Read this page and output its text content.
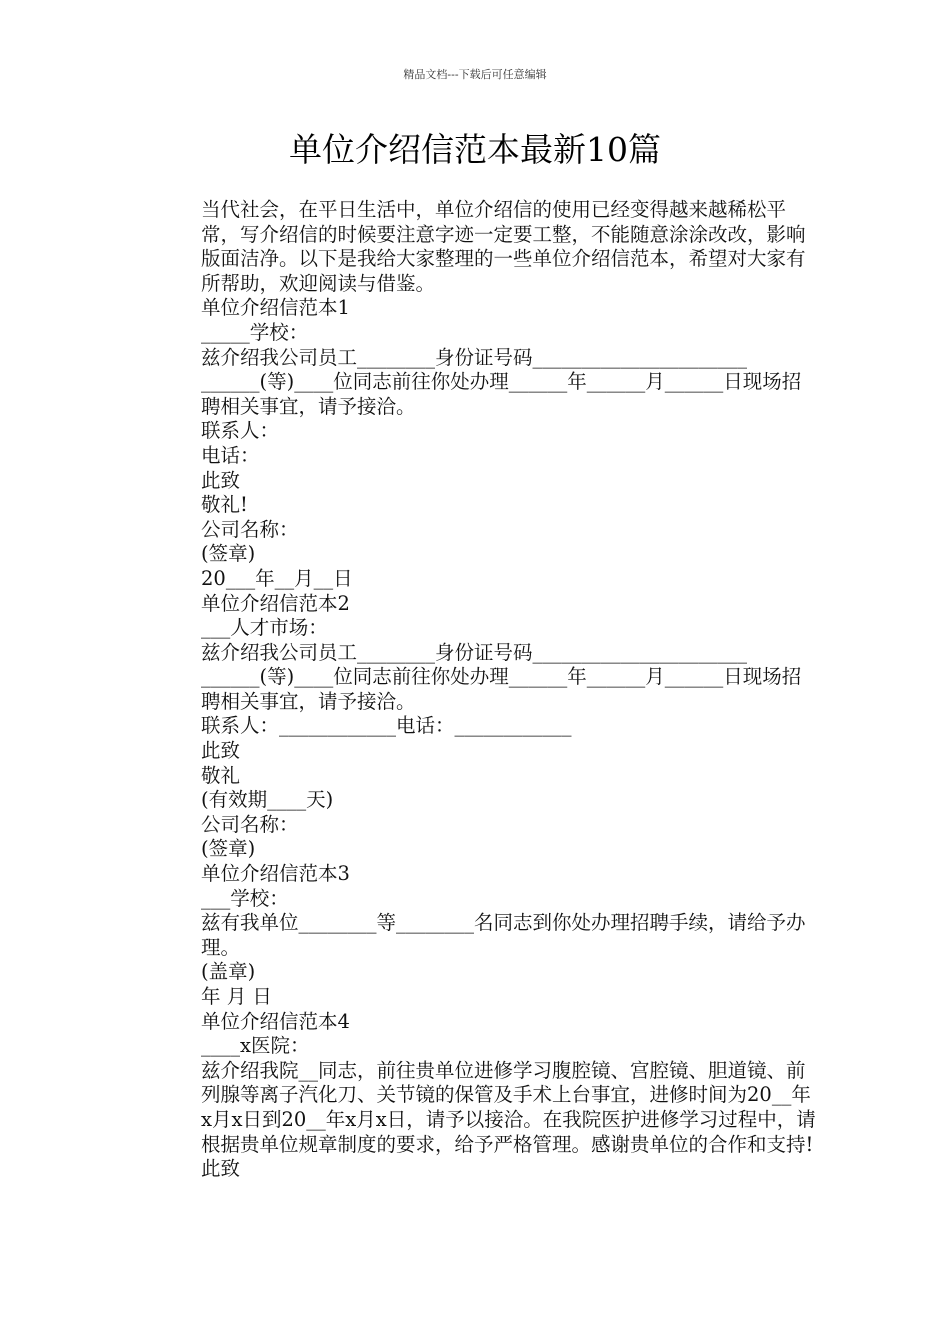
精品文档---下载后可任意编辑
单位介绍信范本最新10篇

当代社会，在平日生活中，单位介绍信的使用已经变得越来越稀松平常，写介绍信的时候要注意字迹一定要工整，不能随意涂涂改改，影响版面洁净。以下是我给大家整理的一些单位介绍信范本，希望对大家有所帮助，欢迎阅读与借鉴。

单位介绍信范本1

_____学校：

兹介绍我公司员工________身份证号码______________________ ______(等)____位同志前往你处办理______年______月______日现场招聘相关事宜，请予接洽。

联系人：

电话：

此致

敬礼!

公司名称：

(签章)

20___年__月__日

单位介绍信范本2

___人才市场：

兹介绍我公司员工________身份证号码______________________ ______(等)____位同志前往你处办理______年______月______日现场招聘相关事宜，请予接洽。

联系人：____________电话：____________

此致

敬礼

(有效期____天)

公司名称：

(签章)

单位介绍信范本3

___学校：

兹有我单位________等________名同志到你处办理招聘手续，请给予办理。

(盖章)

年 月 日

单位介绍信范本4

____x医院：

兹介绍我院__同志，前往贵单位进修学习腹腔镜、宫腔镜、胆道镜、前列腺等离子汽化刀、关节镜的保管及手术上台事宜，进修时间为20__年x月x日到20__年x月x日，请予以接洽。在我院医护进修学习过程中，请根据贵单位规章制度的要求，给予严格管理。感谢贵单位的合作和支持!

此致
